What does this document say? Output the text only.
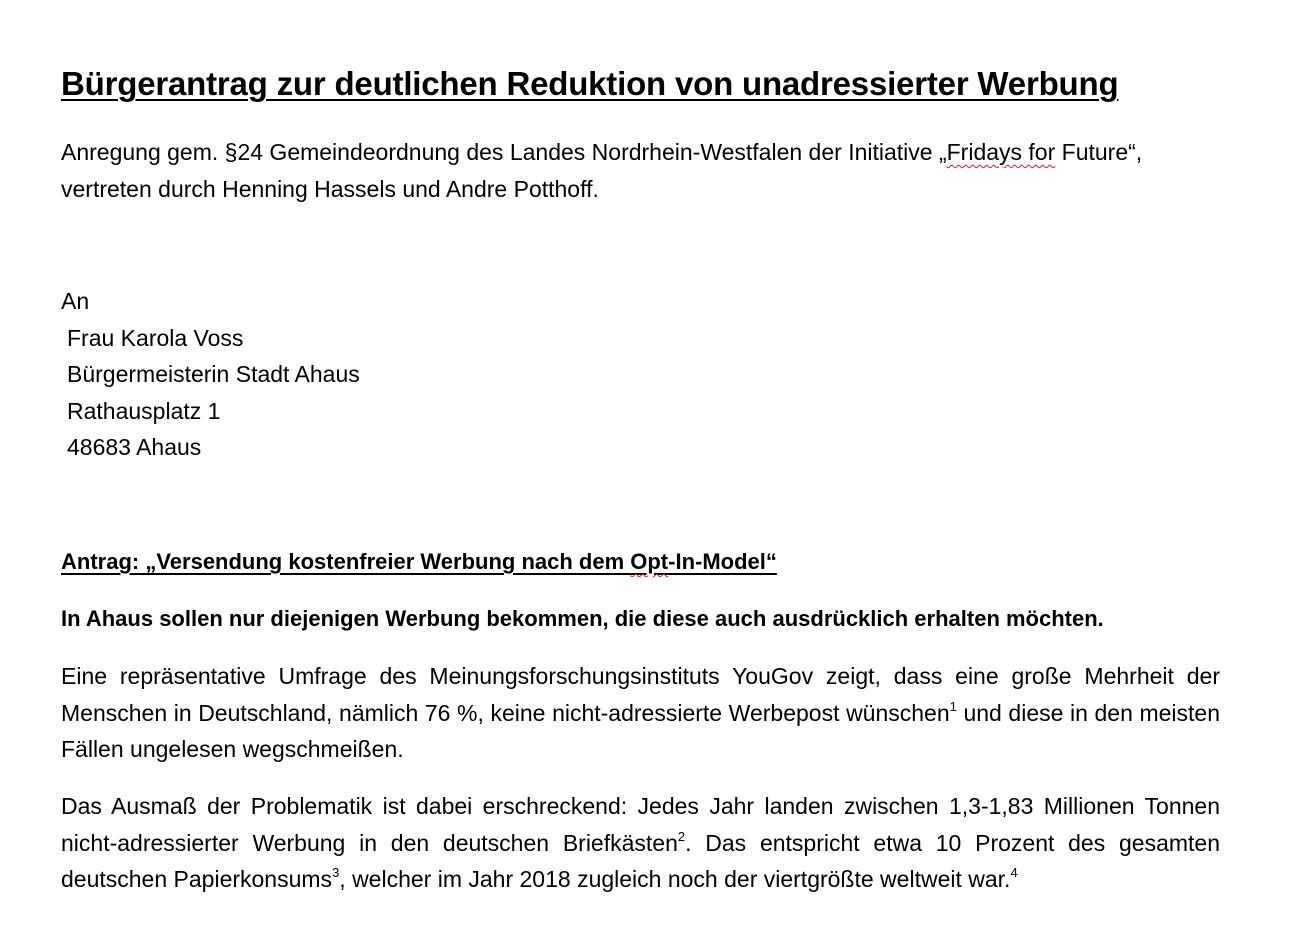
Bürgerantrag zur deutlichen Reduktion von unadressierter Werbung
Anregung gem. §24 Gemeindeordnung des Landes Nordrhein-Westfalen der Initiative „Fridays for Future“, vertreten durch Henning Hassels und Andre Potthoff.
An
Frau Karola Voss
Bürgermeisterin Stadt Ahaus
Rathausplatz 1
48683 Ahaus
Antrag: „Versendung kostenfreier Werbung nach dem Opt-In-Model“
In Ahaus sollen nur diejenigen Werbung bekommen, die diese auch ausdrücklich erhalten möchten.
Eine repräsentative Umfrage des Meinungsforschungsinstituts YouGov zeigt, dass eine große Mehrheit der Menschen in Deutschland, nämlich 76 %, keine nicht-adressierte Werbepost wünschen$^1$ und diese in den meisten Fällen ungelesen wegschmeißen.
Das Ausmaß der Problematik ist dabei erschreckend: Jedes Jahr landen zwischen 1,3-1,83 Millionen Tonnen nicht-adressierter Werbung in den deutschen Briefkästen$^2$. Das entspricht etwa 10 Prozent des gesamten deutschen Papierkonsums$^3$, welcher im Jahr 2018 zugleich noch der viertgrößte weltweit war.$^4$
